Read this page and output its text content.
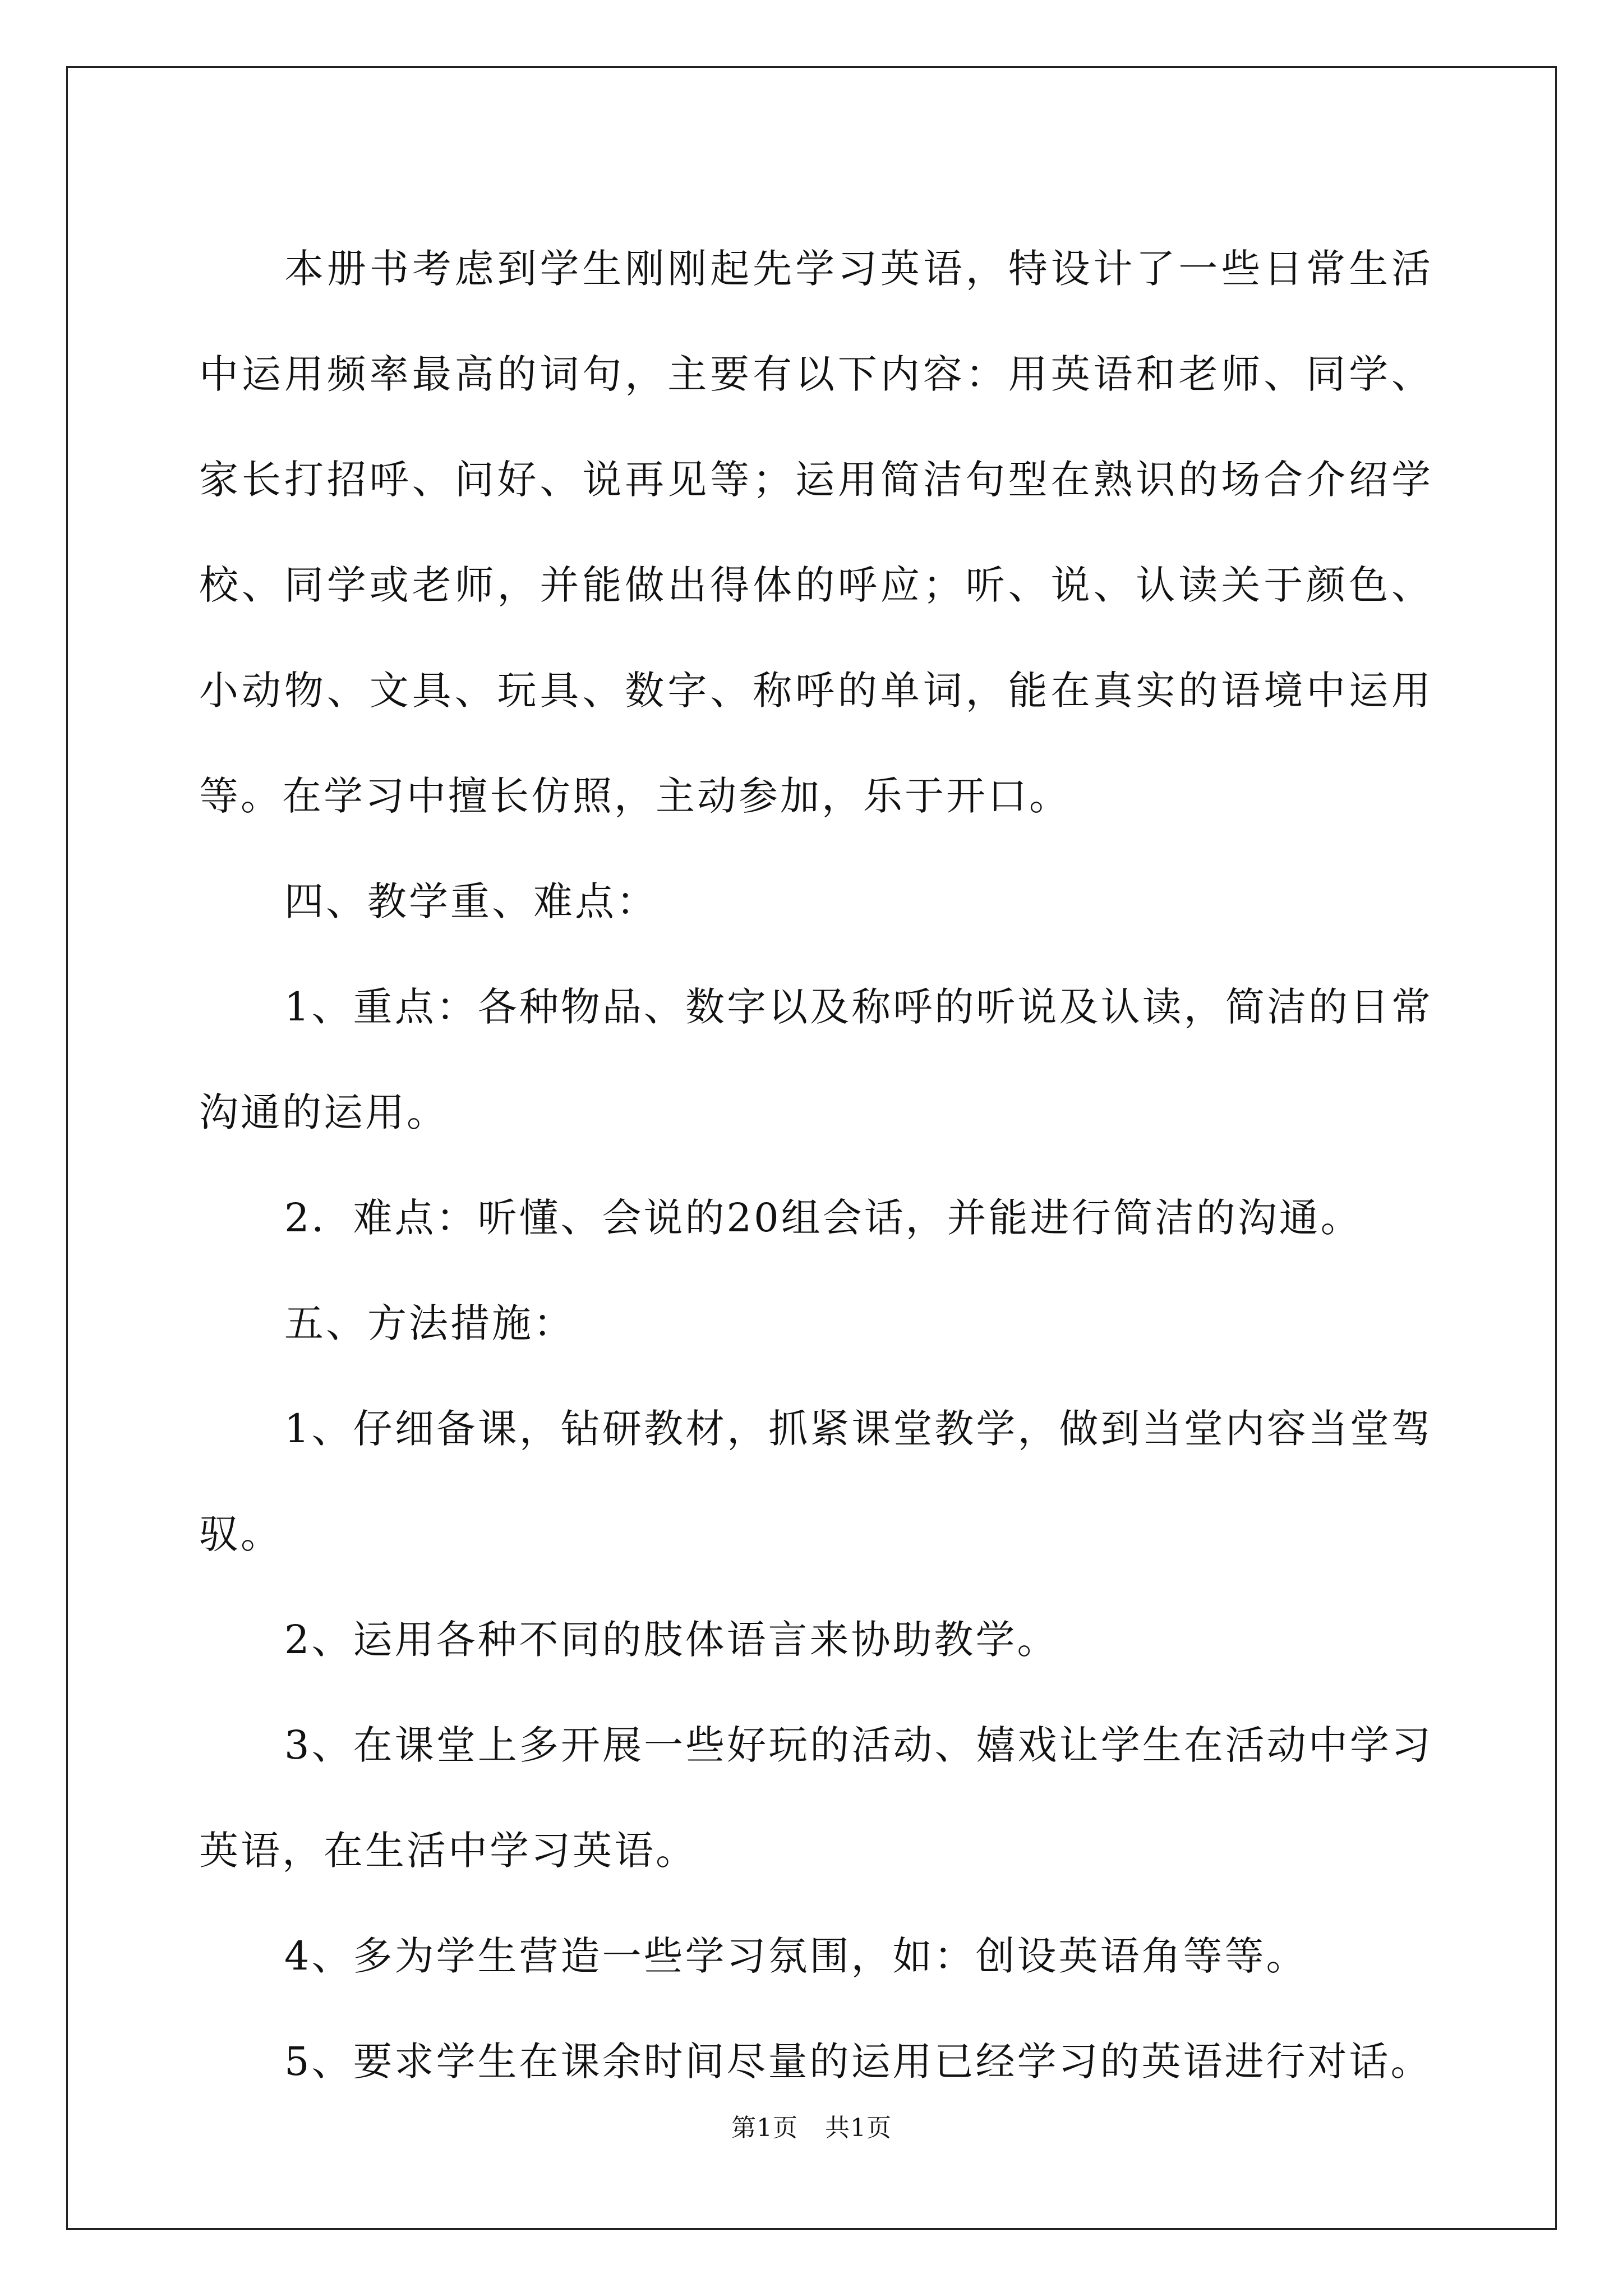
本册书考虑到学生刚刚起先学习英语，特设计了一些日常生活中运用频率最高的词句，主要有以下内容：用英语和老师、同学、家长打招呼、问好、说再见等；运用简洁句型在熟识的场合介绍学校、同学或老师，并能做出得体的呼应；听、说、认读关于颜色、小动物、文具、玩具、数字、称呼的单词，能在真实的语境中运用等。在学习中擅长仿照，主动参加，乐于开口。

四、教学重、难点：

1、重点：各种物品、数字以及称呼的听说及认读，简洁的日常沟通的运用。

2．难点：听懂、会说的20组会话，并能进行简洁的沟通。

五、方法措施：

1、仔细备课，钻研教材，抓紧课堂教学，做到当堂内容当堂驾驭。

2、运用各种不同的肢体语言来协助教学。

3、在课堂上多开展一些好玩的活动、嬉戏让学生在活动中学习英语，在生活中学习英语。

4、多为学生营造一些学习氛围，如：创设英语角等等。

5、要求学生在课余时间尽量的运用已经学习的英语进行对话。

第1页 共1页
